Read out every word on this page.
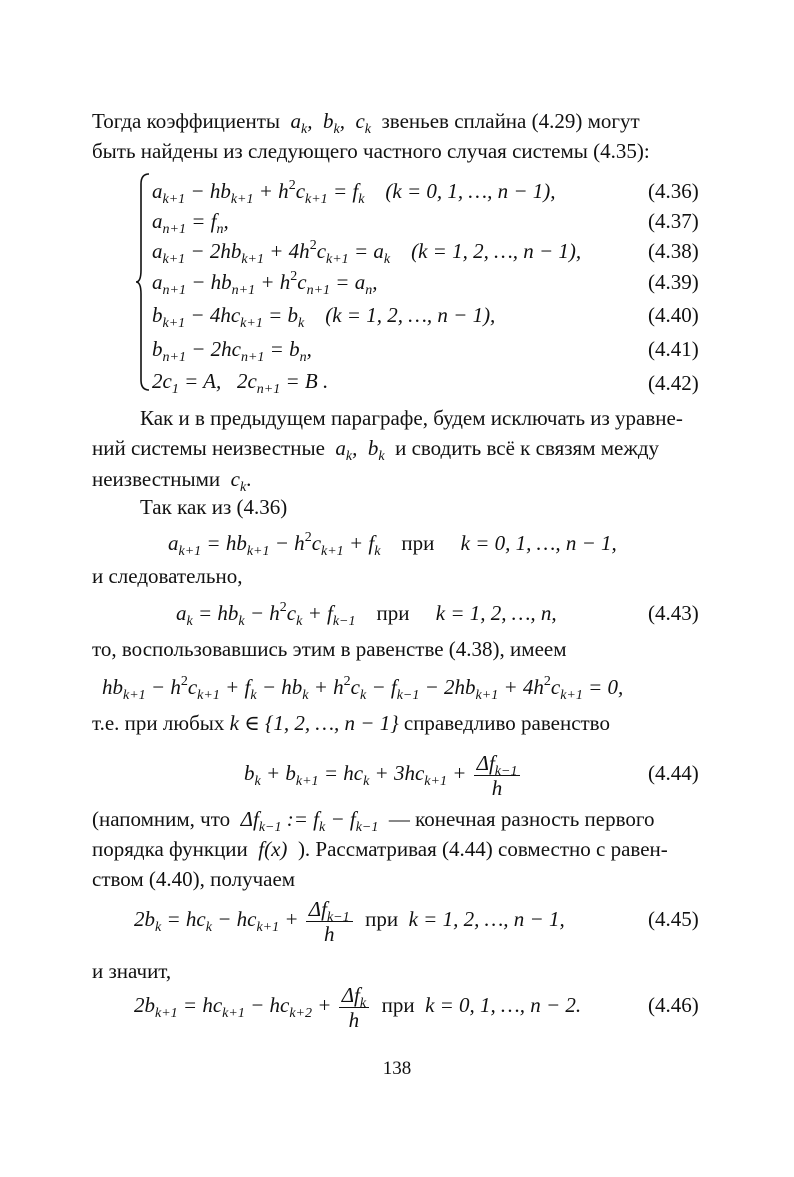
Тогда коэффициенты  $a_k$,  $b_k$,  $c_k$ звеньев сплайна (4.29) могут
быть найдены из следующего частного случая системы (4.35):
$a_{k+1} - hb_{k+1} + h^2c_{k+1} = f_k$ (k = 0, 1, …, n − 1),	(4.36)
$a_{n+1} = f_n$,	(4.37)
$a_{k+1} - 2hb_{k+1} + 4h^2c_{k+1} = a_k$ (k = 1, 2, …, n − 1),	(4.38)
$a_{n+1} - hb_{n+1} + h^2c_{n+1} = a_n$,	(4.39)
$b_{k+1} - 4hc_{k+1} = b_k$ (k = 1, 2, …, n − 1),	(4.40)
$b_{n+1} - 2hc_{n+1} = b_n$,	(4.41)
$2c_1 = A$,   $2c_{n+1} = B$ .	(4.42)
Как и в предыдущем параграфе, будем исключать из уравне-
ний системы неизвестные  $a_k$,  $b_k$ и сводить всё к связям между
неизвестными  $c_k$.
Так как из (4.36)
$a_{k+1} = hb_{k+1} - h^2c_{k+1} + f_k$ при k = 0, 1, …, n − 1,
и следовательно,
$a_k = hb_k - h^2c_k + f_{k-1}$ при k = 1, 2, …, n,	(4.43)
то, воспользовавшись этим в равенстве (4.38), имеем
$hb_{k+1} - h^2c_{k+1} + f_k - hb_k + h^2c_k - f_{k-1} - 2hb_{k+1} + 4h^2c_{k+1} = 0$,
т.е. при любых k ∈ {1, 2, …, n − 1} справедливо равенство
$b_k + b_{k+1} = hc_k + 3hc_{k+1} + \frac{\Delta f_{k-1}}{h}$	(4.44)
(напомним, что  $\Delta f_{k-1}$ := $f_k - f_{k-1}$ — конечная разность первого
порядка функции  f(x)  ). Рассматривая (4.44) совместно с равен-
ством (4.40), получаем
$2b_k = hc_k - hc_{k+1} + \frac{\Delta f_{k-1}}{h}$ при k = 1, 2, …, n − 1,	(4.45)
и значит,
$2b_{k+1} = hc_{k+1} - hc_{k+2} + \frac{\Delta f_k}{h}$ при k = 0, 1, …, n − 2.	(4.46)
138
